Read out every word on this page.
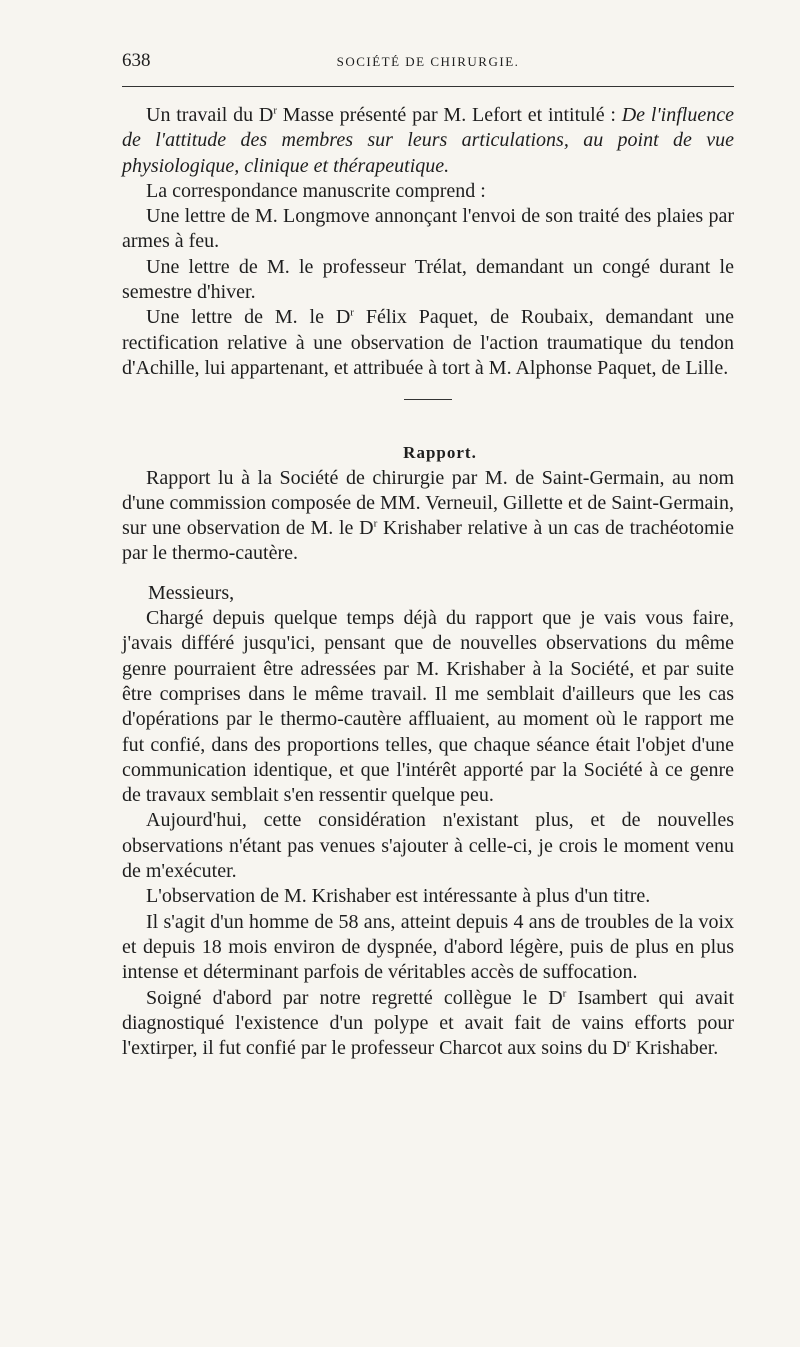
638	SOCIÉTÉ DE CHIRURGIE.

Un travail du $D^r$ Masse présenté par M. Lefort et intitulé : De l'influence de l'attitude des membres sur leurs articulations, au point de vue physiologique, clinique et thérapeutique.

La correspondance manuscrite comprend :

Une lettre de M. Longmove annonçant l'envoi de son traité des plaies par armes à feu.

Une lettre de M. le professeur Trélat, demandant un congé durant le semestre d'hiver.

Une lettre de M. le $D^r$ Félix Paquet, de Roubaix, demandant une rectification relative à une observation de l'action traumatique du tendon d'Achille, lui appartenant, et attribuée à tort à M. Alphonse Paquet, de Lille.

Rapport.

Rapport lu à la Société de chirurgie par M. de Saint-Germain, au nom d'une commission composée de MM. Verneuil, Gillette et de Saint-Germain, sur une observation de M. le $D^r$ Krishaber relative à un cas de trachéotomie par le thermo-cautère.

Messieurs,

Chargé depuis quelque temps déjà du rapport que je vais vous faire, j'avais différé jusqu'ici, pensant que de nouvelles observations du même genre pourraient être adressées par M. Krishaber à la Société, et par suite être comprises dans le même travail. Il me semblait d'ailleurs que les cas d'opérations par le thermo-cautère affluaient, au moment où le rapport me fut confié, dans des proportions telles, que chaque séance était l'objet d'une communication identique, et que l'intérêt apporté par la Société à ce genre de travaux semblait s'en ressentir quelque peu.

Aujourd'hui, cette considération n'existant plus, et de nouvelles observations n'étant pas venues s'ajouter à celle-ci, je crois le moment venu de m'exécuter.

L'observation de M. Krishaber est intéressante à plus d'un titre.

Il s'agit d'un homme de 58 ans, atteint depuis 4 ans de troubles de la voix et depuis 18 mois environ de dyspnée, d'abord légère, puis de plus en plus intense et déterminant parfois de véritables accès de suffocation.

Soigné d'abord par notre regretté collègue le $D^r$ Isambert qui avait diagnostiqué l'existence d'un polype et avait fait de vains efforts pour l'extirper, il fut confié par le professeur Charcot aux soins du $D^r$ Krishaber.
